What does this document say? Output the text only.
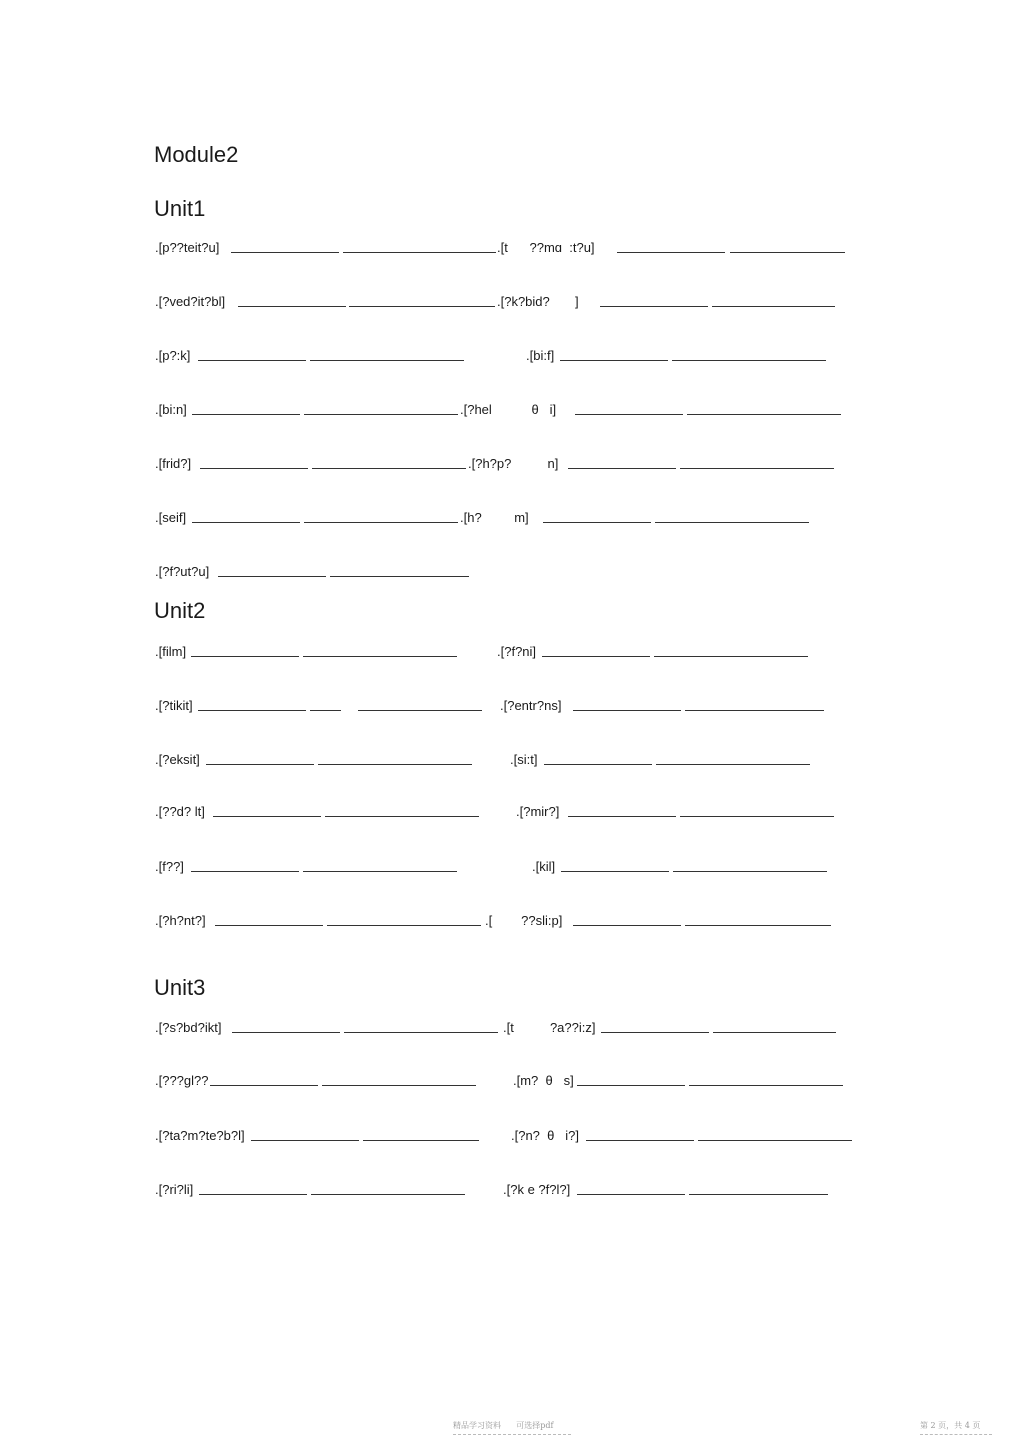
Module2
Unit1
Unit2
Unit3
.[p??teit?u]	.[t      ??mɑ  :t?u]
.[?ved?it?bl]	.[?k?bid?       ]
.[p?:k]	.[bi:f]
.[bi:n]	.[?hel           θ   i]
.[frid?]	.[?h?p?          n]
.[seif]	.[h?         m]
.[?f?ut?u]
.[film]	.[?f?ni]
.[?tikit]	.[?entr?ns]
.[?eksit]	.[si:t]
.[??d? lt]	.[?mir?]
.[f??]	.[kil]
.[?h?nt?]	.[        ??sli:p]
.[?s?bd?ikt]	.[t          ?a??i:z]
.[???gl??	.[m?  θ   s]
.[?ta?m?te?b?l]	.[?n?  θ   i?]
.[?ri?li]	.[?k e ?f?l?]
精品学习资料      可选择pdf	第 2 页，共 4 页
